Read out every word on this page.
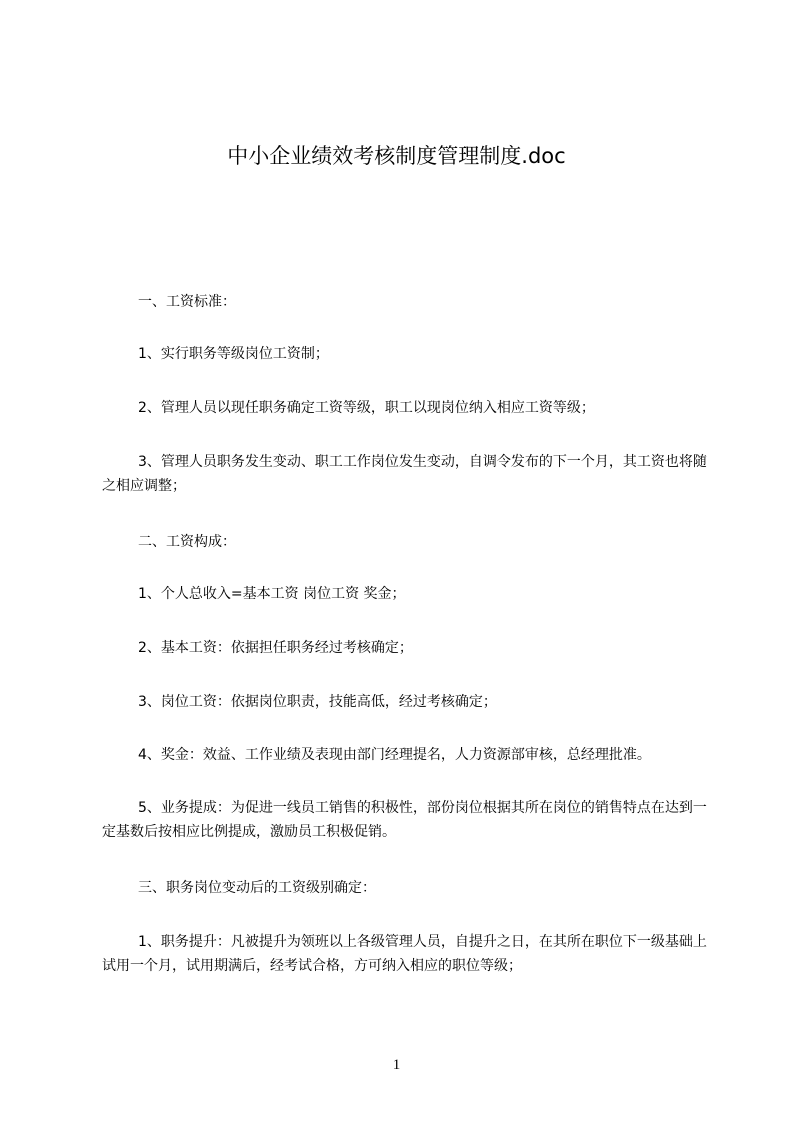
中小企业绩效考核制度管理制度.doc

一、工资标准：

1、实行职务等级岗位工资制；

2、管理人员以现任职务确定工资等级，职工以现岗位纳入相应工资等级；

3、管理人员职务发生变动、职工工作岗位发生变动，自调令发布的下一个月，其工资也将随之相应调整；

二、工资构成：

1、个人总收入=基本工资 岗位工资 奖金；

2、基本工资：依据担任职务经过考核确定；

3、岗位工资：依据岗位职责，技能高低，经过考核确定；

4、奖金：效益、工作业绩及表现由部门经理提名，人力资源部审核，总经理批准。

5、业务提成：为促进一线员工销售的积极性，部份岗位根据其所在岗位的销售特点在达到一定基数后按相应比例提成，激励员工积极促销。

三、职务岗位变动后的工资级别确定：

1、职务提升：凡被提升为领班以上各级管理人员，自提升之日，在其所在职位下一级基础上试用一个月，试用期满后，经考试合格，方可纳入相应的职位等级；

1
